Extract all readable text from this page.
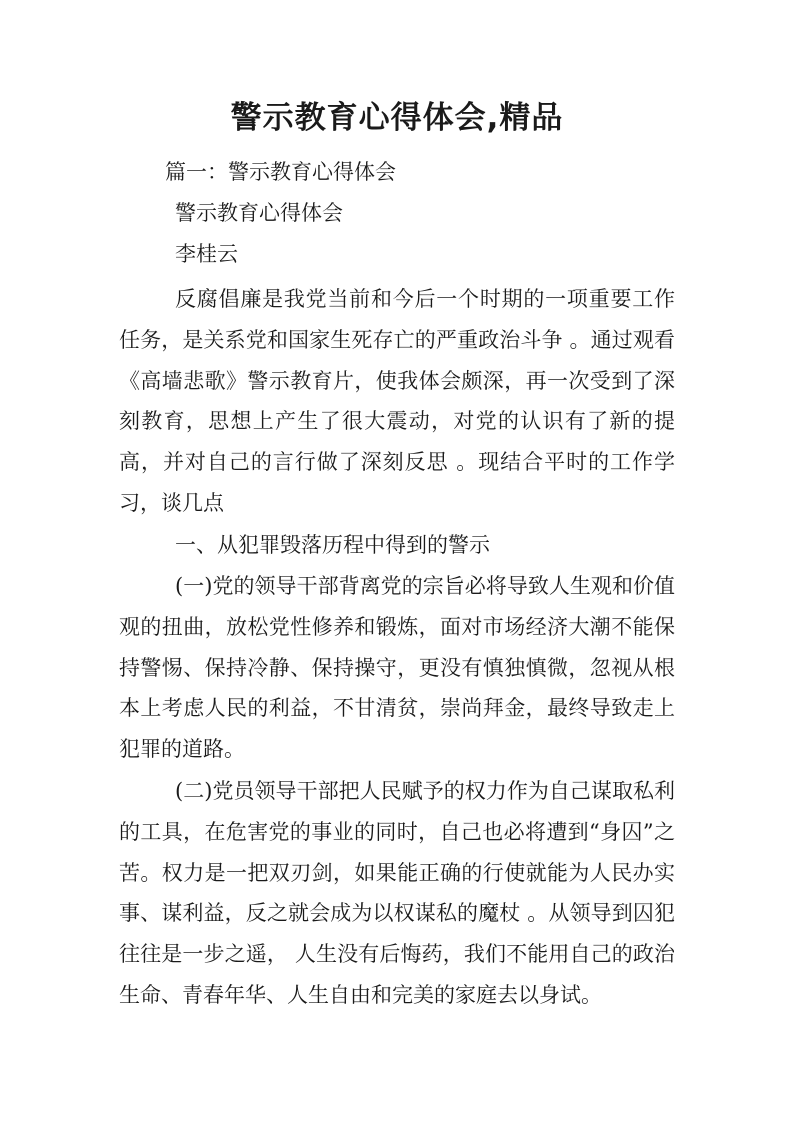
警示教育心得体会,精品

篇一：警示教育心得体会

警示教育心得体会

李桂云

反腐倡廉是我党当前和今后一个时期的一项重要工作任务，是关系党和国家生死存亡的严重政治斗争 。通过观看《高墙悲歌》警示教育片，使我体会颇深，再一次受到了深刻教育，思想上产生了很大震动，对党的认识有了新的提高，并对自己的言行做了深刻反思 。现结合平时的工作学习，谈几点

一、从犯罪毁落历程中得到的警示

(一)党的领导干部背离党的宗旨必将导致人生观和价值观的扭曲，放松党性修养和锻炼，面对市场经济大潮不能保持警惕、保持冷静、保持操守，更没有慎独慎微，忽视从根本上考虑人民的利益，不甘清贫，崇尚拜金，最终导致走上犯罪的道路。

(二)党员领导干部把人民赋予的权力作为自己谋取私利的工具，在危害党的事业的同时，自己也必将遭到“身囚”之苦。权力是一把双刃剑，如果能正确的行使就能为人民办实事、谋利益，反之就会成为以权谋私的魔杖 。从领导到囚犯往往是一步之遥， 人生没有后悔药，我们不能用自己的政治生命、青春年华、人生自由和完美的家庭去以身试。
